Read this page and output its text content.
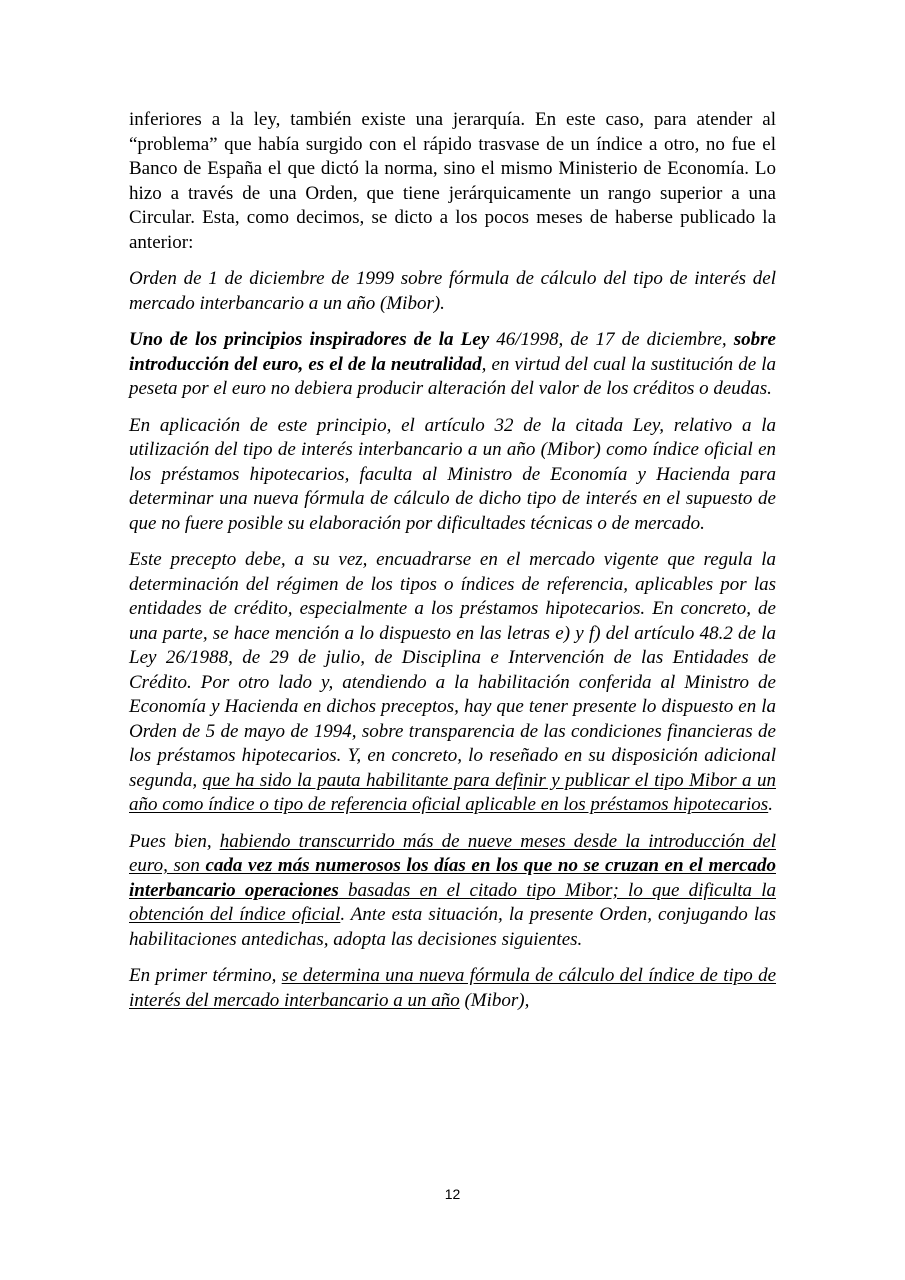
inferiores a la ley, también existe una jerarquía. En este caso, para atender al “problema” que había surgido con el rápido trasvase de un índice a otro, no fue el Banco de España el que dictó la norma, sino el mismo Ministerio de Economía. Lo hizo a través de una Orden, que tiene jerárquicamente un rango superior a una Circular. Esta, como decimos, se dicto a los pocos meses de haberse publicado la anterior:

Orden de 1 de diciembre de 1999 sobre fórmula de cálculo del tipo de interés del mercado interbancario a un año (Mibor).

Uno de los principios inspiradores de la Ley 46/1998, de 17 de diciembre, sobre introducción del euro, es el de la neutralidad, en virtud del cual la sustitución de la peseta por el euro no debiera producir alteración del valor de los créditos o deudas.

En aplicación de este principio, el artículo 32 de la citada Ley, relativo a la utilización del tipo de interés interbancario a un año (Mibor) como índice oficial en los préstamos hipotecarios, faculta al Ministro de Economía y Hacienda para determinar una nueva fórmula de cálculo de dicho tipo de interés en el supuesto de que no fuere posible su elaboración por dificultades técnicas o de mercado.

Este precepto debe, a su vez, encuadrarse en el mercado vigente que regula la determinación del régimen de los tipos o índices de referencia, aplicables por las entidades de crédito, especialmente a los préstamos hipotecarios. En concreto, de una parte, se hace mención a lo dispuesto en las letras e) y f) del artículo 48.2 de la Ley 26/1988, de 29 de julio, de Disciplina e Intervención de las Entidades de Crédito. Por otro lado y, atendiendo a la habilitación conferida al Ministro de Economía y Hacienda en dichos preceptos, hay que tener presente lo dispuesto en la Orden de 5 de mayo de 1994, sobre transparencia de las condiciones financieras de los préstamos hipotecarios. Y, en concreto, lo reseñado en su disposición adicional segunda, que ha sido la pauta habilitante para definir y publicar el tipo Mibor a un año como índice o tipo de referencia oficial aplicable en los préstamos hipotecarios.

Pues bien, habiendo transcurrido más de nueve meses desde la introducción del euro, son cada vez más numerosos los días en los que no se cruzan en el mercado interbancario operaciones basadas en el citado tipo Mibor; lo que dificulta la obtención del índice oficial. Ante esta situación, la presente Orden, conjugando las habilitaciones antedichas, adopta las decisiones siguientes.

En primer término, se determina una nueva fórmula de cálculo del índice de tipo de interés del mercado interbancario a un año (Mibor),

12
